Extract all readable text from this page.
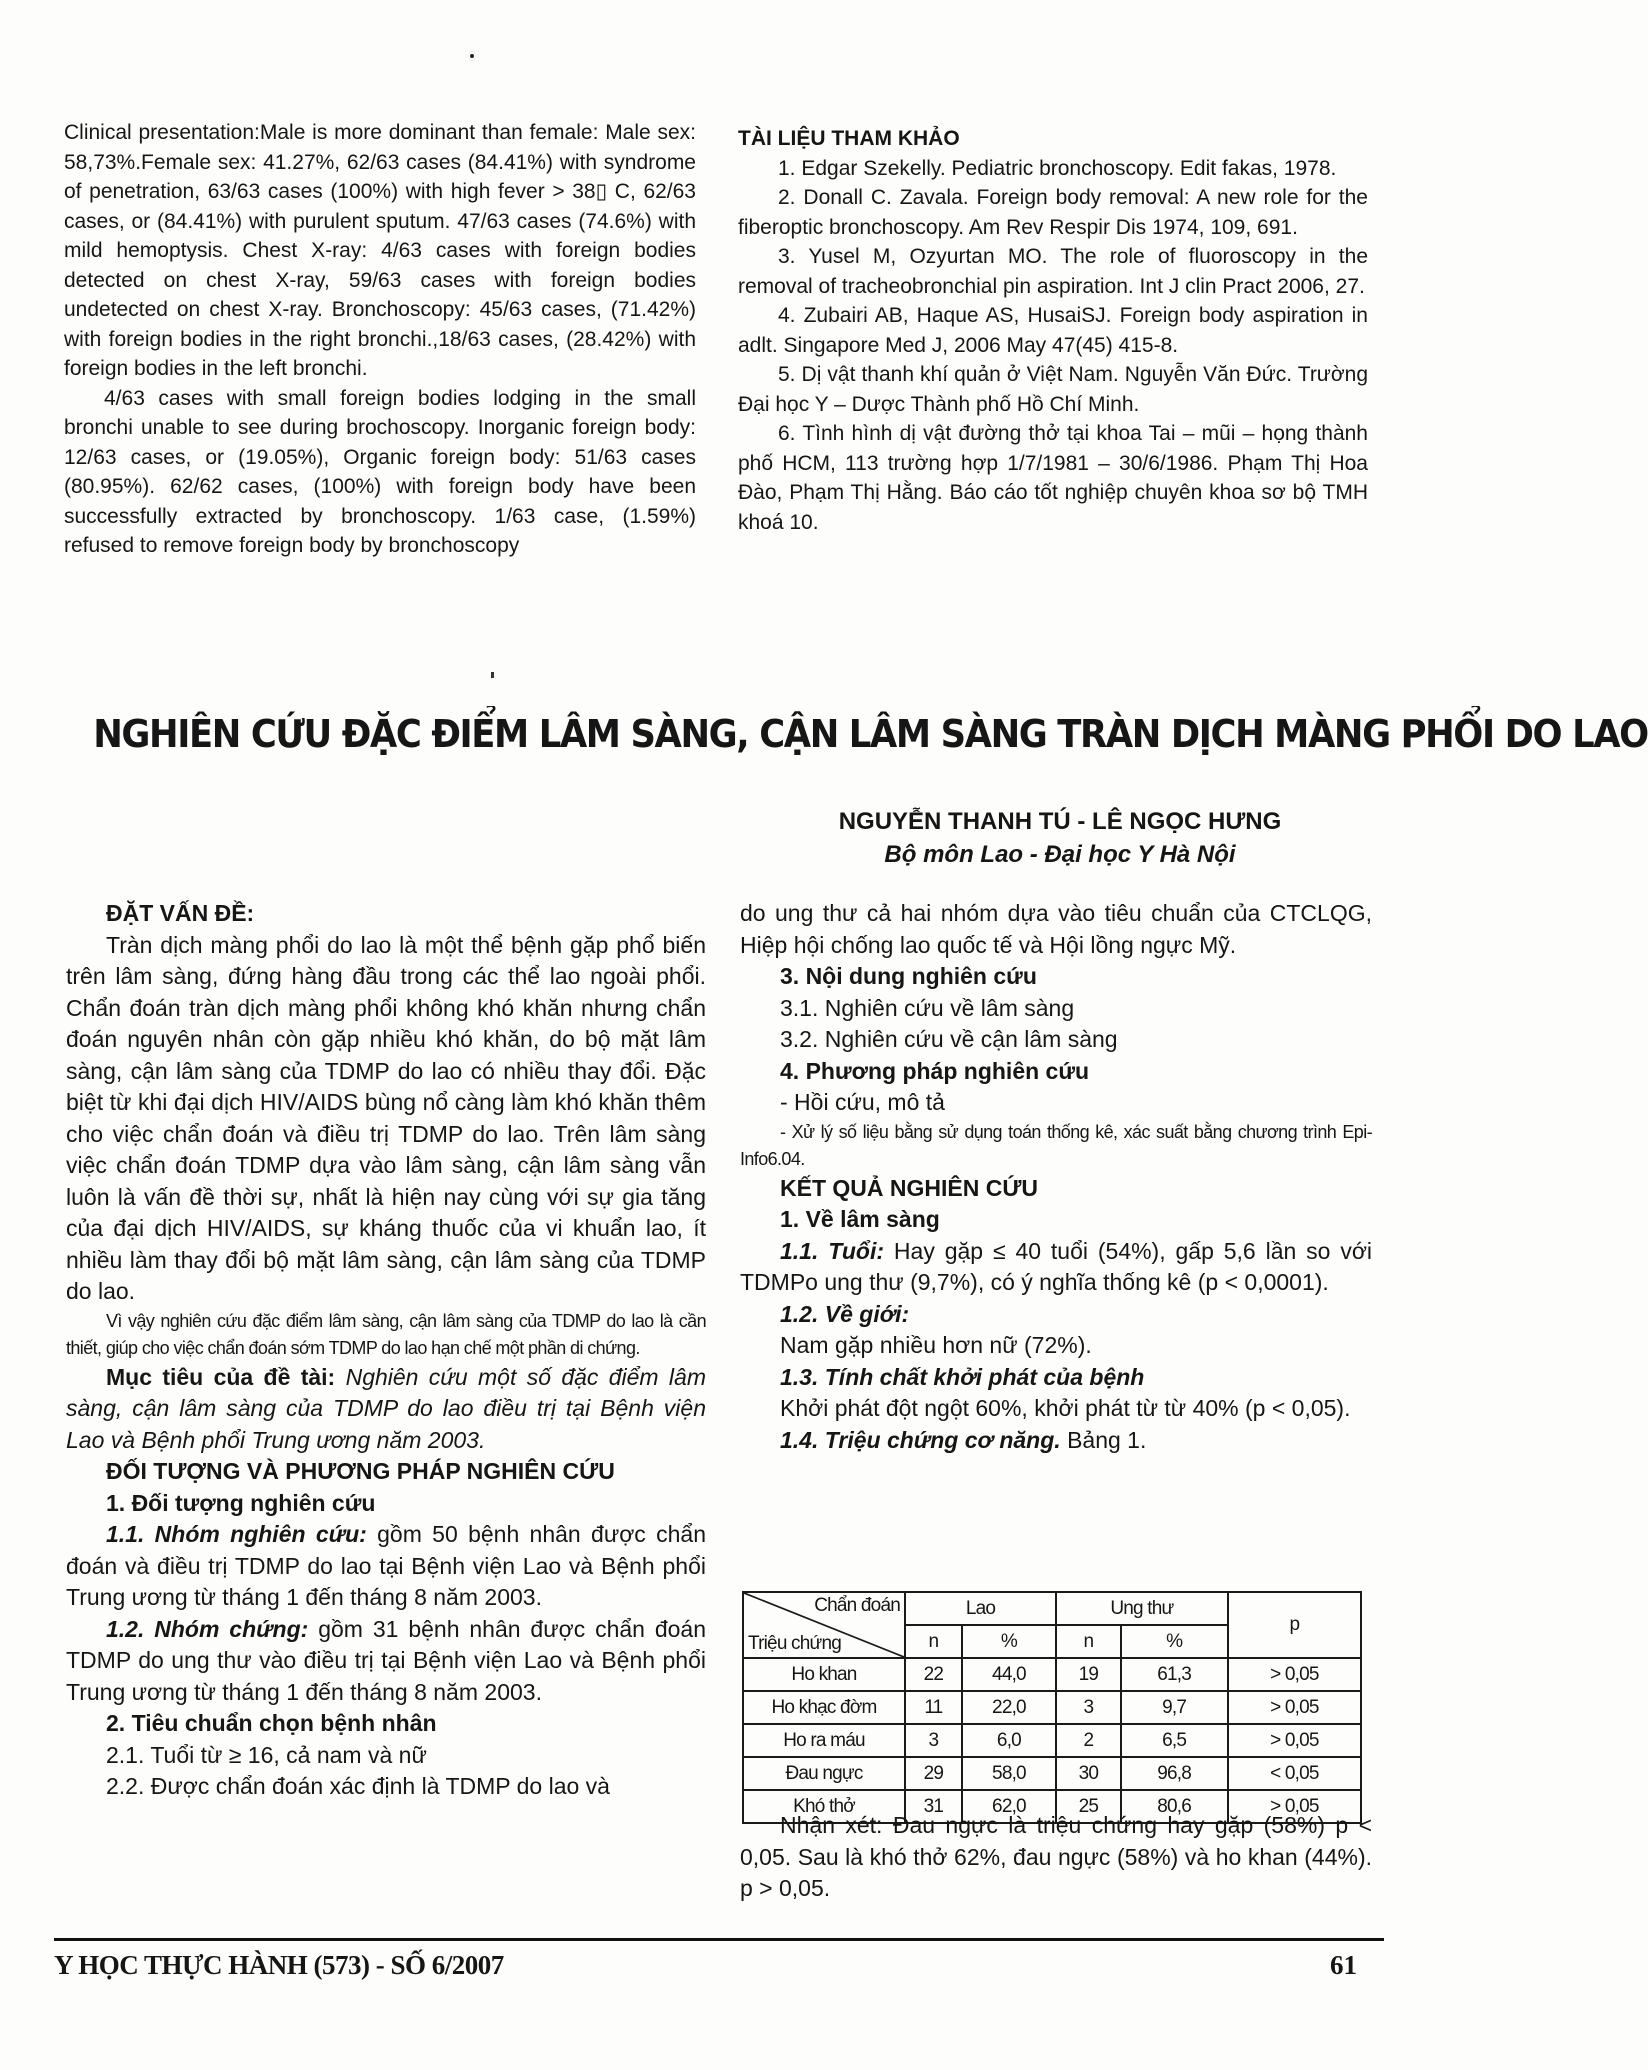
Clinical presentation:Male is more dominant than female: Male sex: 58,73%.Female sex: 41.27%, 62/63 cases (84.41%) with syndrome of penetration, 63/63 cases (100%) with high fever > 38▯ C, 62/63 cases, or (84.41%) with purulent sputum. 47/63 cases (74.6%) with mild hemoptysis. Chest X-ray: 4/63 cases with foreign bodies detected on chest X-ray, 59/63 cases with foreign bodies undetected on chest X-ray. Bronchoscopy: 45/63 cases, (71.42%) with foreign bodies in the right bronchi.,18/63 cases, (28.42%) with foreign bodies in the left bronchi.

4/63 cases with small foreign bodies lodging in the small bronchi unable to see during brochoscopy. Inorganic foreign body: 12/63 cases, or (19.05%), Organic foreign body: 51/63 cases (80.95%). 62/62 cases, (100%) with foreign body have been successfully extracted by bronchoscopy. 1/63 case, (1.59%) refused to remove foreign body by bronchoscopy

TÀI LIỆU THAM KHẢO

1. Edgar Szekelly. Pediatric bronchoscopy. Edit fakas, 1978.

2. Donall C. Zavala. Foreign body removal: A new role for the fiberoptic bronchoscopy. Am Rev Respir Dis 1974, 109, 691.

3. Yusel M, Ozyurtan MO. The role of fluoroscopy in the removal of tracheobronchial pin aspiration. Int J clin Pract 2006, 27.

4. Zubairi AB, Haque AS, HusaiSJ. Foreign body aspiration in adlt. Singapore Med J, 2006 May 47(45) 415-8.

5. Dị vật thanh khí quản ở Việt Nam. Nguyễn Văn Đức. Trường Đại học Y – Dược Thành phố Hồ Chí Minh.

6. Tình hình dị vật đường thở tại khoa Tai – mũi – họng thành phố HCM, 113 trường hợp 1/7/1981 – 30/6/1986. Phạm Thị Hoa Đào, Phạm Thị Hằng. Báo cáo tốt nghiệp chuyên khoa sơ bộ TMH khoá 10.

NGHIÊN CỨU ĐẶC ĐIỂM LÂM SÀNG, CẬN LÂM SÀNG TRÀN DỊCH MÀNG PHỔI DO LAO
NGUYỄN THANH TÚ - LÊ NGỌC HƯNG
Bộ môn Lao - Đại học Y Hà Nội

ĐẶT VẤN ĐỀ:

Tràn dịch màng phổi do lao là một thể bệnh gặp phổ biến trên lâm sàng, đứng hàng đầu trong các thể lao ngoài phổi. Chẩn đoán tràn dịch màng phổi không khó khăn nhưng chẩn đoán nguyên nhân còn gặp nhiều khó khăn, do bộ mặt lâm sàng, cận lâm sàng của TDMP do lao có nhiều thay đổi. Đặc biệt từ khi đại dịch HIV/AIDS bùng nổ càng làm khó khăn thêm cho việc chẩn đoán và điều trị TDMP do lao. Trên lâm sàng việc chẩn đoán TDMP dựa vào lâm sàng, cận lâm sàng vẫn luôn là vấn đề thời sự, nhất là hiện nay cùng với sự gia tăng của đại dịch HIV/AIDS, sự kháng thuốc của vi khuẩn lao, ít nhiều làm thay đổi bộ mặt lâm sàng, cận lâm sàng của TDMP do lao.

Vì vậy nghiên cứu đặc điểm lâm sàng, cận lâm sàng của TDMP do lao là cần thiết, giúp cho việc chẩn đoán sớm TDMP do lao hạn chế một phần di chứng.

Mục tiêu của đề tài: Nghiên cứu một số đặc điểm lâm sàng, cận lâm sàng của TDMP do lao điều trị tại Bệnh viện Lao và Bệnh phổi Trung ương năm 2003.

ĐỐI TƯỢNG VÀ PHƯƠNG PHÁP NGHIÊN CỨU

1. Đối tượng nghiên cứu

1.1. Nhóm nghiên cứu: gồm 50 bệnh nhân được chẩn đoán và điều trị TDMP do lao tại Bệnh viện Lao và Bệnh phổi Trung ương từ tháng 1 đến tháng 8 năm 2003.

1.2. Nhóm chứng: gồm 31 bệnh nhân được chẩn đoán TDMP do ung thư vào điều trị tại Bệnh viện Lao và Bệnh phổi Trung ương từ tháng 1 đến tháng 8 năm 2003.

2. Tiêu chuẩn chọn bệnh nhân

2.1. Tuổi từ ≥ 16, cả nam và nữ

2.2. Được chẩn đoán xác định là TDMP do lao và

do ung thư cả hai nhóm dựa vào tiêu chuẩn của CTCLQG, Hiệp hội chống lao quốc tế và Hội lồng ngực Mỹ.

3. Nội dung nghiên cứu

3.1. Nghiên cứu về lâm sàng

3.2. Nghiên cứu về cận lâm sàng

4. Phương pháp nghiên cứu

- Hồi cứu, mô tả

- Xử lý số liệu bằng sử dụng toán thống kê, xác suất bằng chương trình Epi-Info6.04.

KẾT QUẢ NGHIÊN CỨU

1. Về lâm sàng

1.1. Tuổi: Hay gặp ≤ 40 tuổi (54%), gấp 5,6 lần so với TDMPo ung thư (9,7%), có ý nghĩa thống kê (p < 0,0001).

1.2. Về giới:

Nam gặp nhiều hơn nữ (72%).

1.3. Tính chất khởi phát của bệnh

Khởi phát đột ngột 60%, khởi phát từ từ 40% (p < 0,05).

1.4. Triệu chứng cơ năng. Bảng 1.

Chẩn đoán
Triệu chứng	Lao		Ung thư		p
	n	%	n	%	
Ho khan	22	44,0	19	61,3	> 0,05
Ho khạc đờm	11	22,0	3	9,7	> 0,05
Ho ra máu	3	6,0	2	6,5	> 0,05
Đau ngực	29	58,0	30	96,8	< 0,05
Khó thở	31	62,0	25	80,6	> 0,05

Nhận xét: Đau ngực là triệu chứng hay gặp (58%) p < 0,05. Sau là khó thở 62%, đau ngực (58%) và ho khan (44%). p > 0,05.

Y HỌC THỰC HÀNH (573) - SỐ 6/2007	61
